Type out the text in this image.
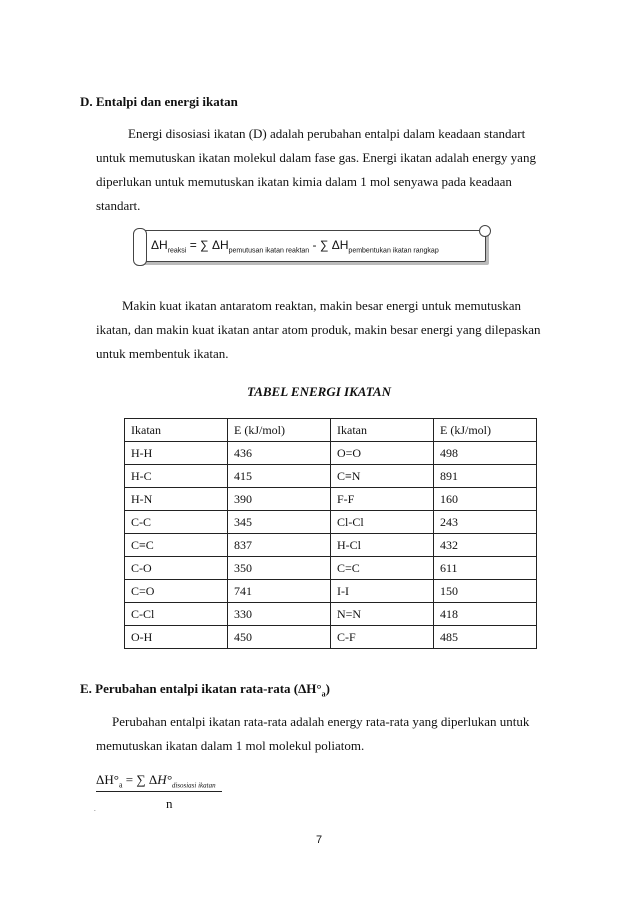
D. Entalpi dan energi ikatan
Energi disosiasi ikatan (D) adalah perubahan entalpi dalam keadaan standart
untuk memutuskan ikatan molekul dalam fase gas. Energi ikatan adalah energy yang
diperlukan untuk memutuskan ikatan kimia dalam 1 mol senyawa pada keadaan
standart.
$\Delta H_{reaksi}$ = ∑ $\Delta H_{pemutusan ikatan reaktan}$ - ∑ $\Delta H_{pembentukan ikatan rangkap}$
Makin kuat ikatan antaratom reaktan, makin besar energi untuk memutuskan
ikatan, dan makin kuat ikatan antar atom produk, makin besar energi yang dilepaskan
untuk membentuk ikatan.
TABEL ENERGI IKATAN
Ikatan	E (kJ/mol)	Ikatan	E (kJ/mol)
H-H	436	O=O	498
H-C	415	C≡N	891
H-N	390	F-F	160
C-C	345	Cl-Cl	243
C≡C	837	H-Cl	432
C-O	350	C=C	611
C=O	741	I-I	150
C-Cl	330	N=N	418
O-H	450	C-F	485
E. Perubahan entalpi ikatan rata-rata $(\Delta H^\circ_a)$
Perubahan entalpi ikatan rata-rata adalah energy rata-rata yang diperlukan untuk
memutuskan ikatan dalam 1 mol molekul poliatom.
$\Delta H^\circ_a$ = ∑ $\Delta H^\circ_{disosiasi ikatan}$
n
.
7
